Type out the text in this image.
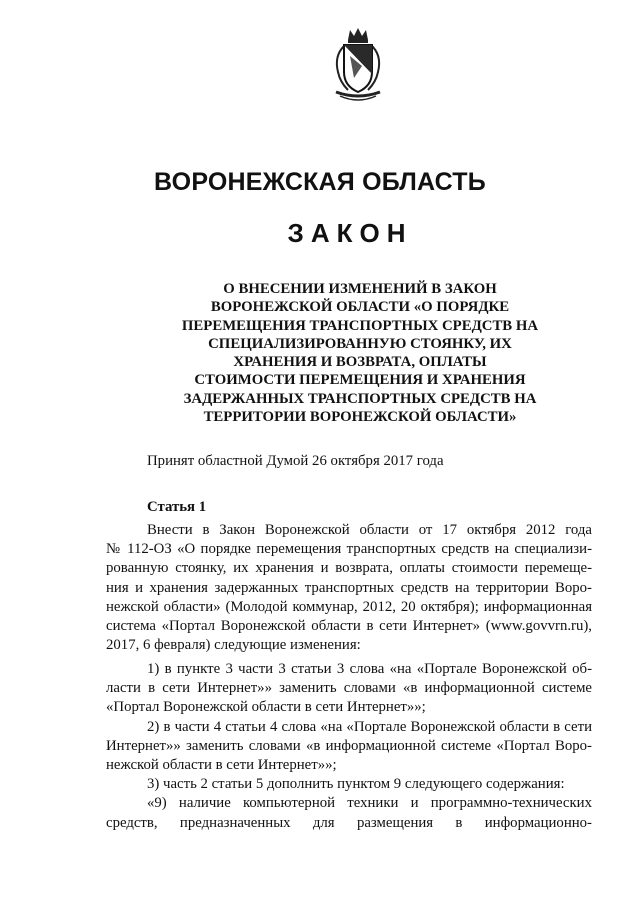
ВОРОНЕЖСКАЯ ОБЛАСТЬ
ЗАКОН
О ВНЕСЕНИИ ИЗМЕНЕНИЙ В ЗАКОН
ВОРОНЕЖСКОЙ ОБЛАСТИ «О ПОРЯДКЕ
ПЕРЕМЕЩЕНИЯ ТРАНСПОРТНЫХ СРЕДСТВ НА
СПЕЦИАЛИЗИРОВАННУЮ СТОЯНКУ, ИХ
ХРАНЕНИЯ И ВОЗВРАТА, ОПЛАТЫ
СТОИМОСТИ ПЕРЕМЕЩЕНИЯ И ХРАНЕНИЯ
ЗАДЕРЖАННЫХ ТРАНСПОРТНЫХ СРЕДСТВ НА
ТЕРРИТОРИИ ВОРОНЕЖСКОЙ ОБЛАСТИ»
Принят областной Думой 26 октября 2017 года
Статья 1
Внести в Закон Воронежской области от 17 октября 2012 года
№ 112-ОЗ «О порядке перемещения транспортных средств на специализи-
рованную стоянку, их хранения и возврата, оплаты стоимости перемеще-
ния и хранения задержанных транспортных средств на территории Воро-
нежской области» (Молодой коммунар, 2012, 20 октября); информационная
система «Портал Воронежской области в сети Интернет» (www.govvrn.ru),
2017, 6 февраля) следующие изменения:
1) в пункте 3 части 3 статьи 3 слова «на «Портале Воронежской об-
ласти в сети Интернет»» заменить словами «в информационной системе
«Портал Воронежской области в сети Интернет»»;
2) в части 4 статьи 4 слова «на «Портале Воронежской области в сети
Интернет»» заменить словами «в информационной системе «Портал Воро-
нежской области в сети Интернет»»;
3) часть 2 статьи 5 дополнить пунктом 9 следующего содержания:
«9) наличие компьютерной техники и программно-технических
средств, предназначенных для размещения в информационно-
